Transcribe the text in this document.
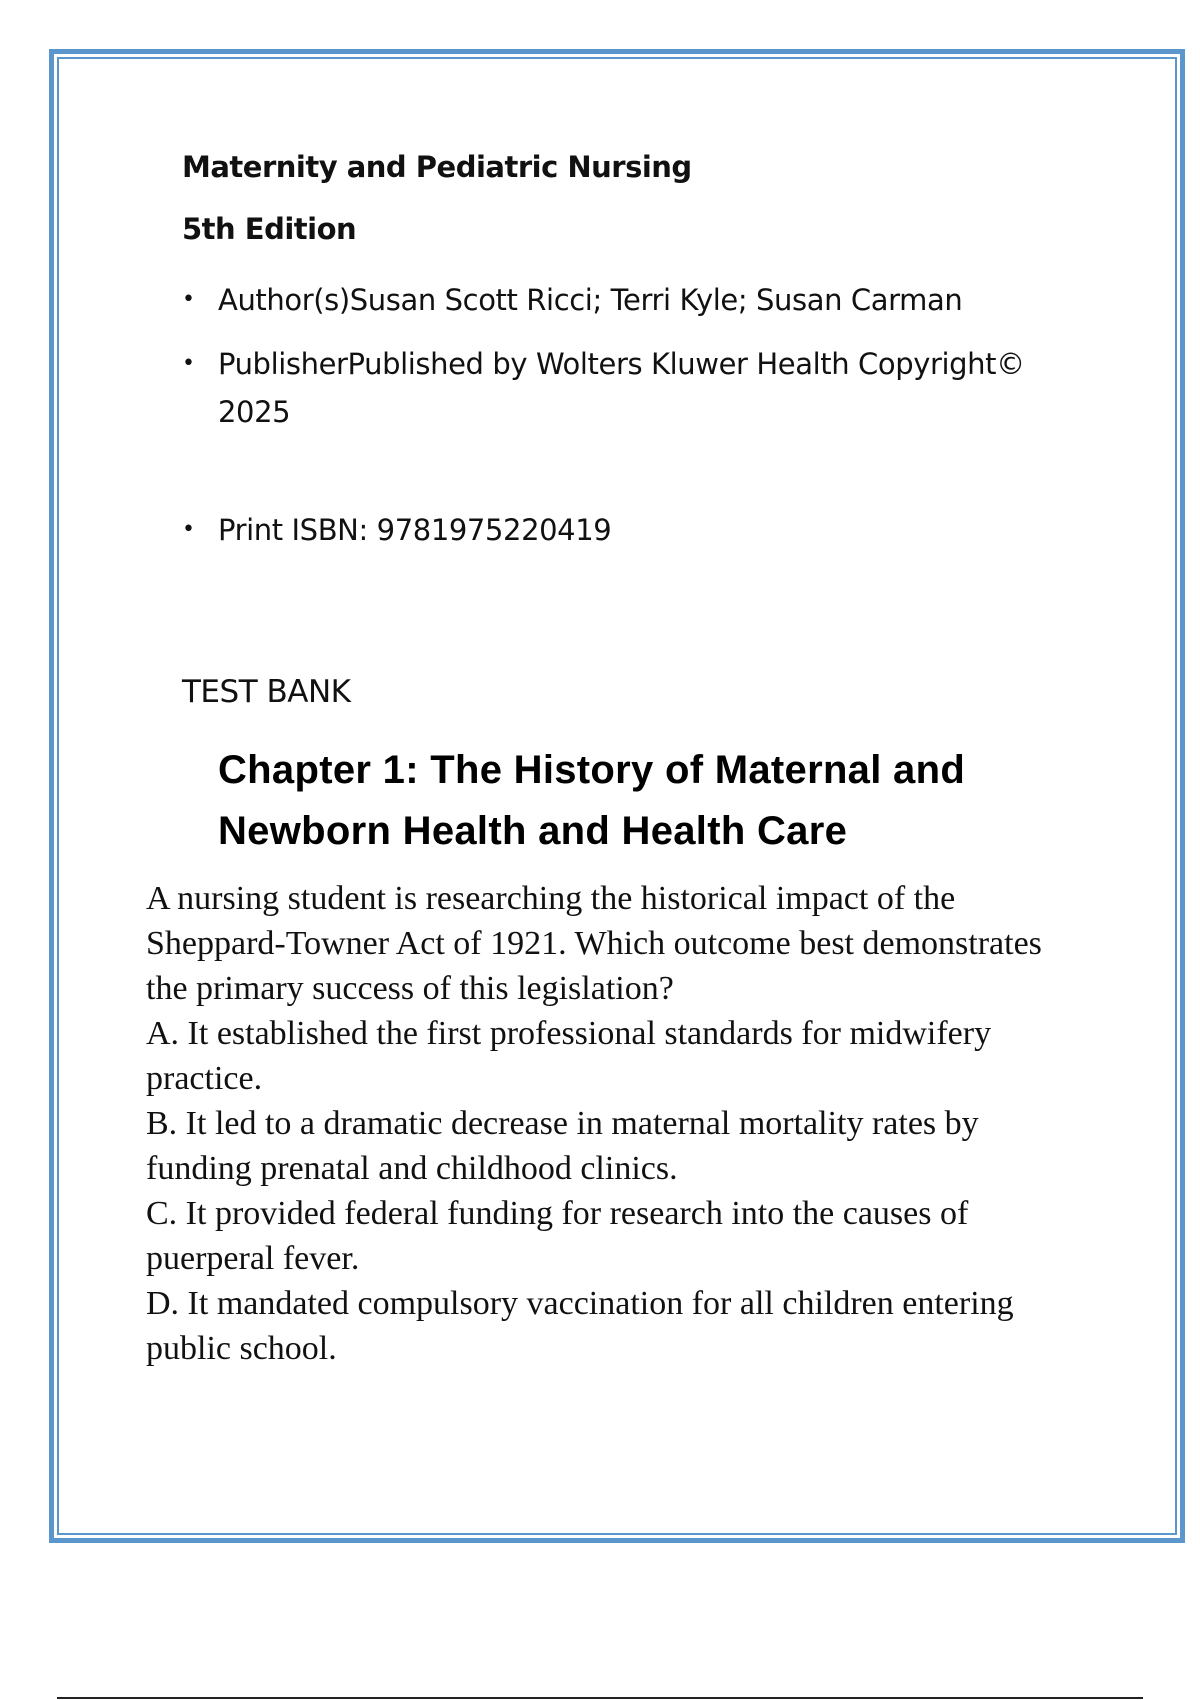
Maternity and Pediatric Nursing
5th Edition
• Author(s)Susan Scott Ricci; Terri Kyle; Susan Carman
• PublisherPublished by Wolters Kluwer Health Copyright© 2025
• Print ISBN: 9781975220419
TEST BANK
Chapter 1: The History of Maternal and Newborn Health and Health Care

A nursing student is researching the historical impact of the Sheppard-Towner Act of 1921. Which outcome best demonstrates the primary success of this legislation?

A. It established the first professional standards for midwifery practice.

B. It led to a dramatic decrease in maternal mortality rates by funding prenatal and childhood clinics.

C. It provided federal funding for research into the causes of puerperal fever.

D. It mandated compulsory vaccination for all children entering public school.
